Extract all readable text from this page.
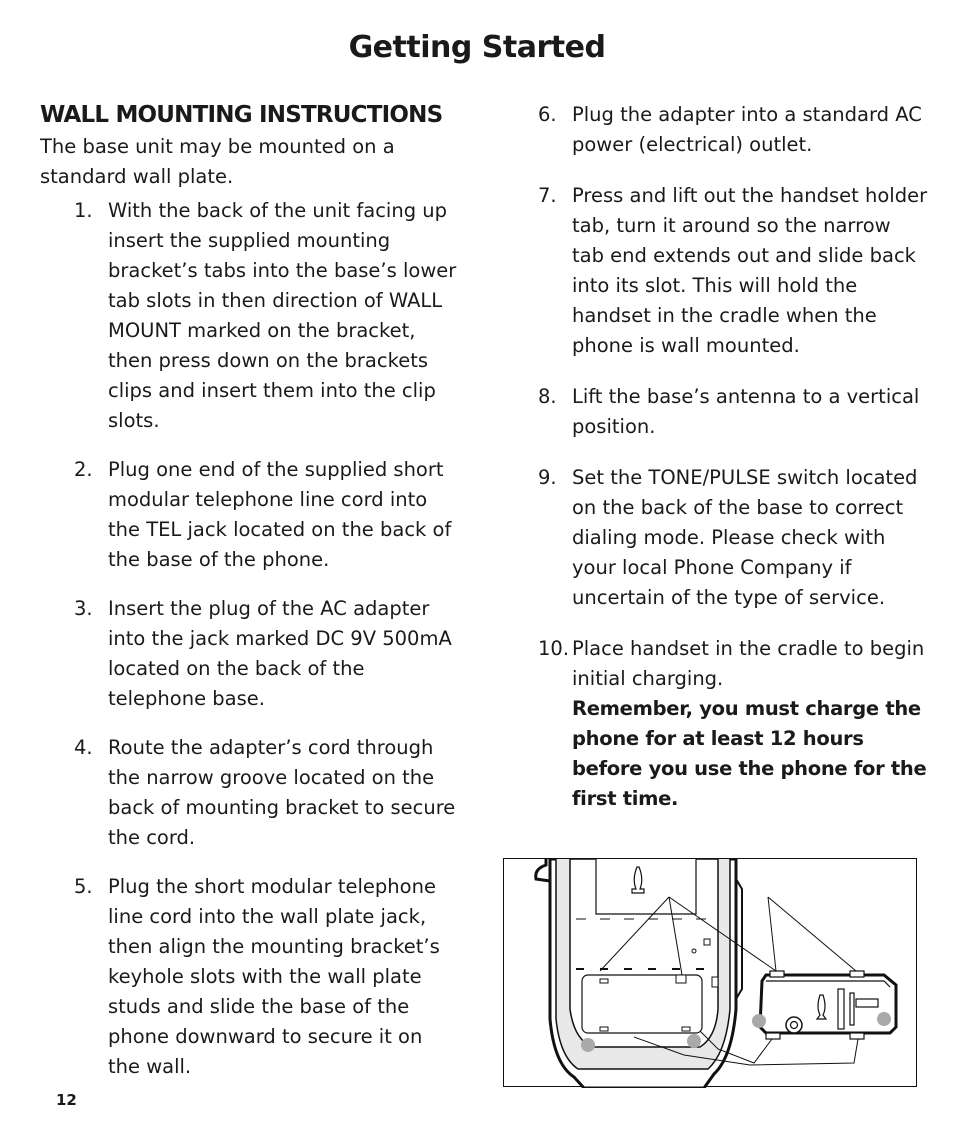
Getting Started
WALL MOUNTING INSTRUCTIONS

The base unit may be mounted on a standard wall plate.

1. With the back of the unit facing up insert the supplied mounting bracket’s tabs into the base’s lower tab slots in then direction of WALL MOUNT marked on the bracket, then press down on the brackets clips and insert them into the clip slots.
2. Plug one end of the supplied short modular telephone line cord into the TEL jack located on the back of the base of the phone.
3. Insert the plug of the AC adapter into the jack marked DC 9V 500mA located on the back of the telephone base.
4. Route the adapter’s cord through the narrow groove located on the back of mounting bracket to secure the cord.
5. Plug the short modular telephone line cord into the wall plate jack, then align the mounting bracket’s keyhole slots with the wall plate studs and slide the base of the phone downward to secure it on the wall.
6. Plug the adapter into a standard AC power (electrical) outlet.
7. Press and lift out the handset holder tab, turn it around so the narrow tab end extends out and slide back into its slot. This will hold the handset in the cradle when the phone is wall mounted.
8. Lift the base’s antenna to a vertical position.
9. Set the TONE/PULSE switch located on the back of the base to correct dialing mode. Please check with your local Phone Company if uncertain of the type of service.
10. Place handset in the cradle to begin initial charging.
Remember, you must charge the phone for at least 12 hours before you use the phone for the first time.
12
